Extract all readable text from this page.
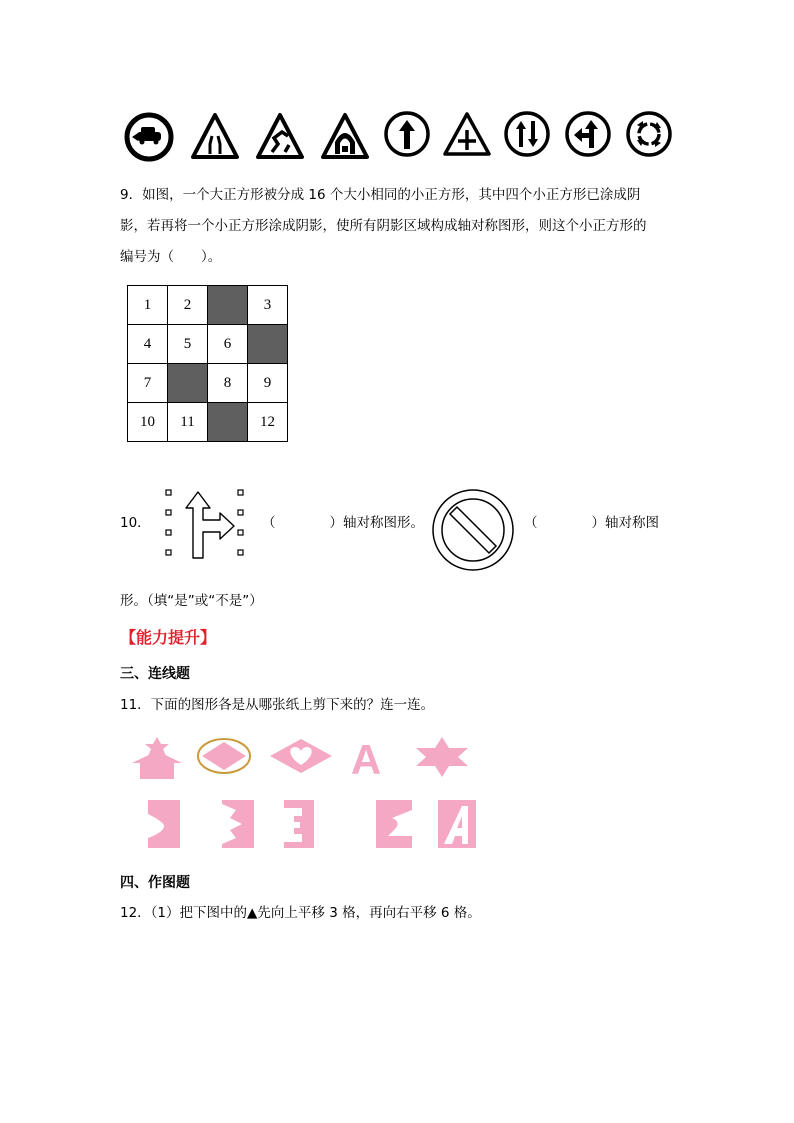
9．如图，一个大正方形被分成 16 个大小相同的小正方形，其中四个小正方形已涂成阴
影，若再将一个小正方形涂成阴影，使所有阴影区域构成轴对称图形，则这个小正方形的
编号为（　　）。
1	2		3
4	5	6	
7		8	9
10	11		12
10．	（　　　　）轴对称图形。	（　　　　）轴对称图
形。（填“是”或“不是”）
【能力提升】
三、连线题
11．下面的图形各是从哪张纸上剪下来的？连一连。
A
四、作图题
12．（1）把下图中的▲先向上平移 3 格，再向右平移 6 格。
